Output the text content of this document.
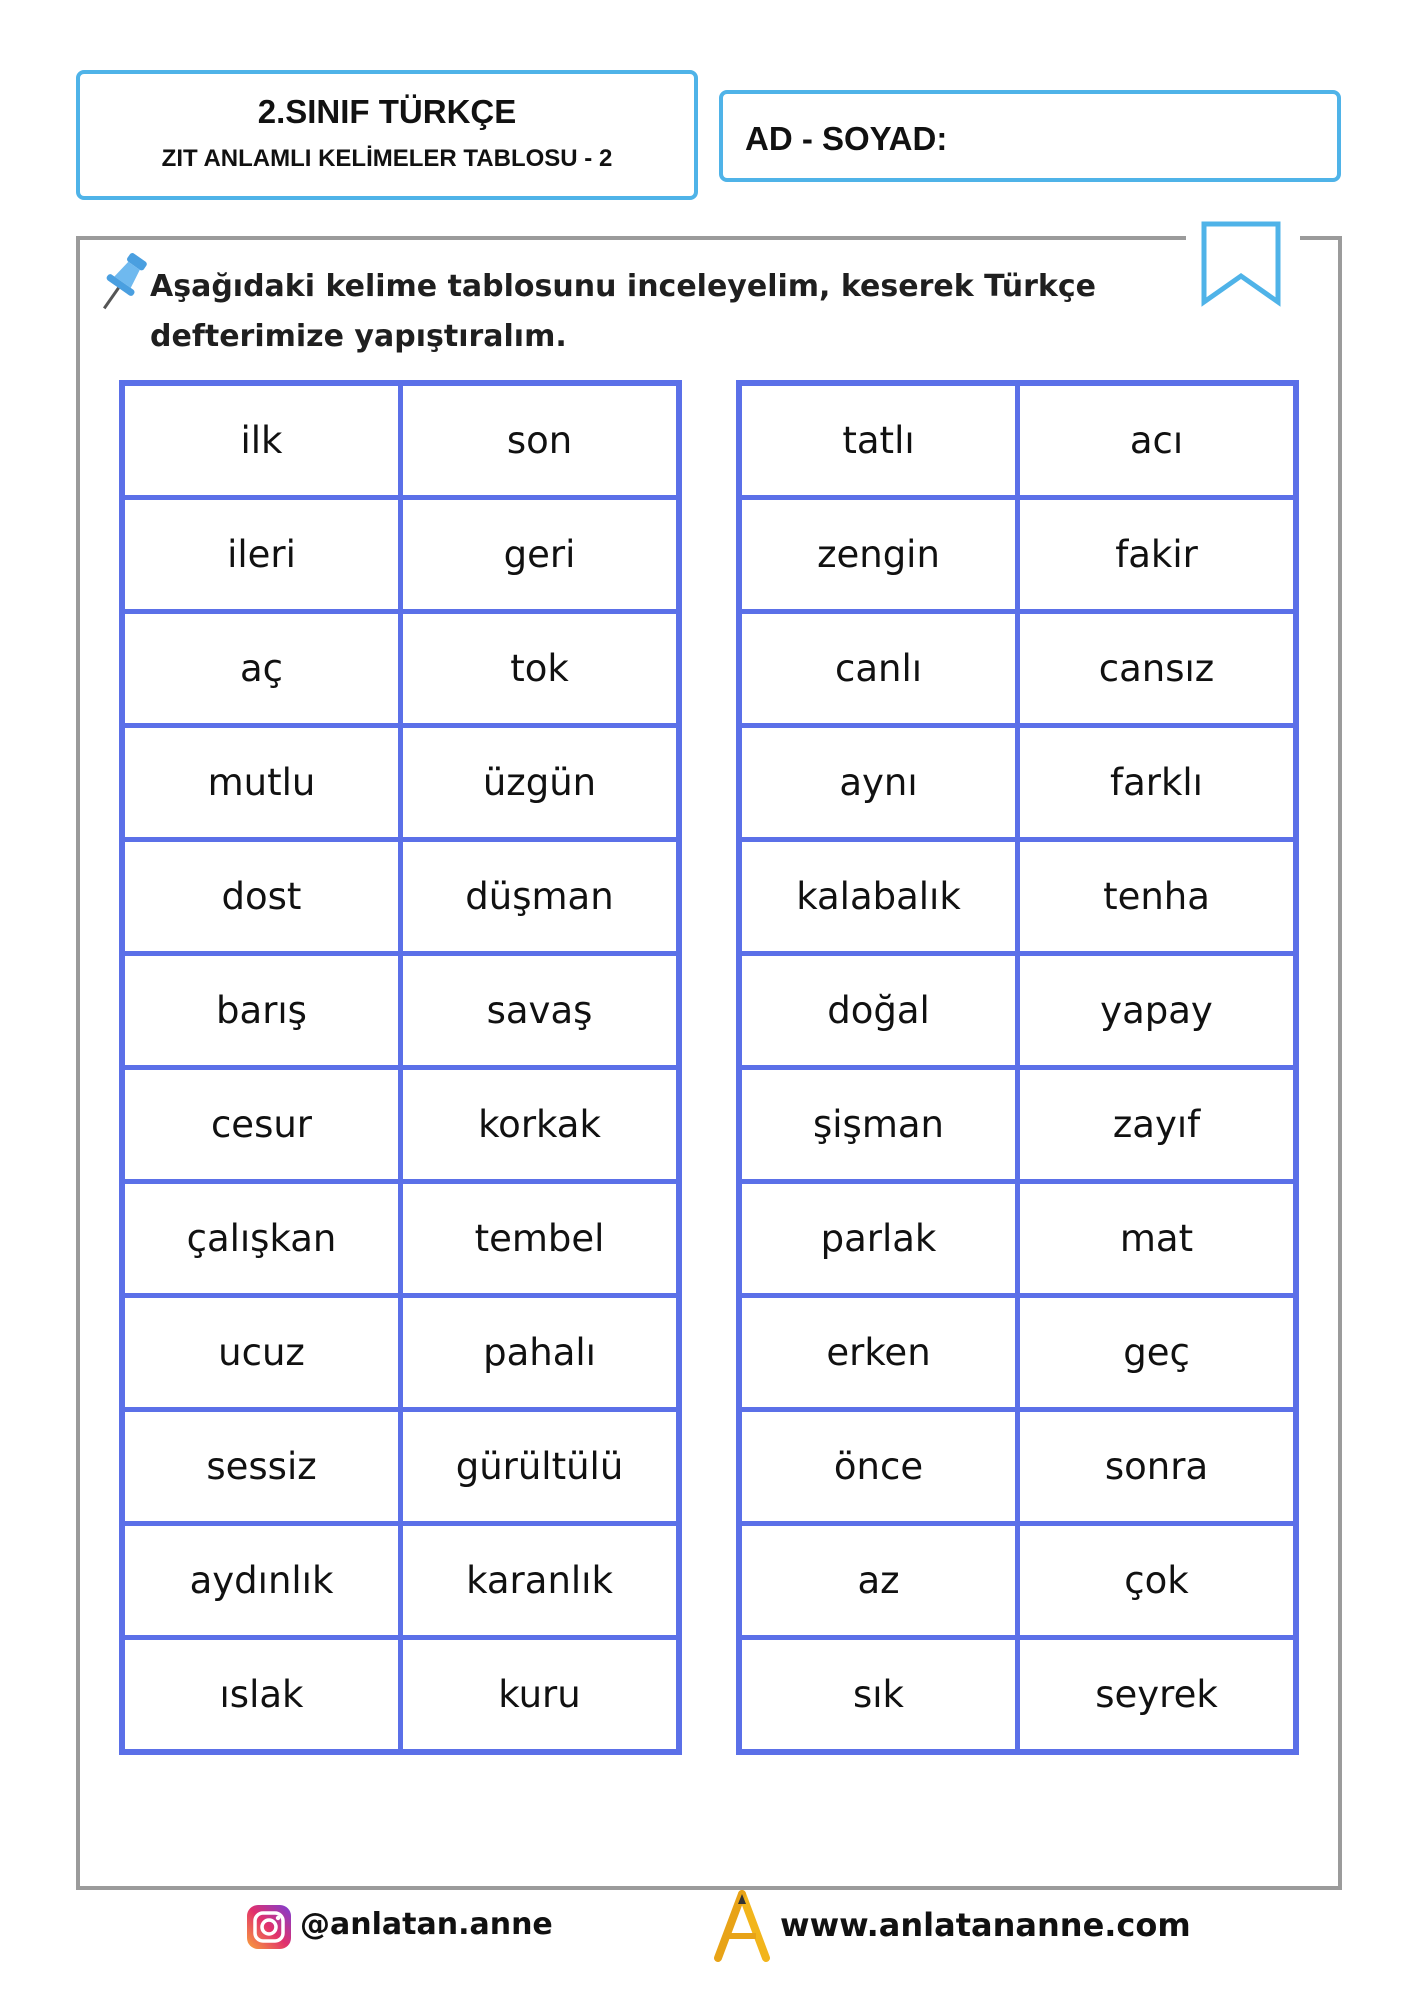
2.SINIF TÜRKÇE
ZIT ANLAMLI KELİMELER TABLOSU - 2
AD - SOYAD:
Aşağıdaki kelime tablosunu inceleyelim, keserek Türkçe defterimize yapıştıralım.
ilk	son
ileri	geri
aç	tok
mutlu	üzgün
dost	düşman
barış	savaş
cesur	korkak
çalışkan	tembel
ucuz	pahalı
sessiz	gürültülü
aydınlık	karanlık
ıslak	kuru
tatlı	acı
zengin	fakir
canlı	cansız
aynı	farklı
kalabalık	tenha
doğal	yapay
şişman	zayıf
parlak	mat
erken	geç
önce	sonra
az	çok
sık	seyrek
@anlatan.anne	www.anlatananne.com
